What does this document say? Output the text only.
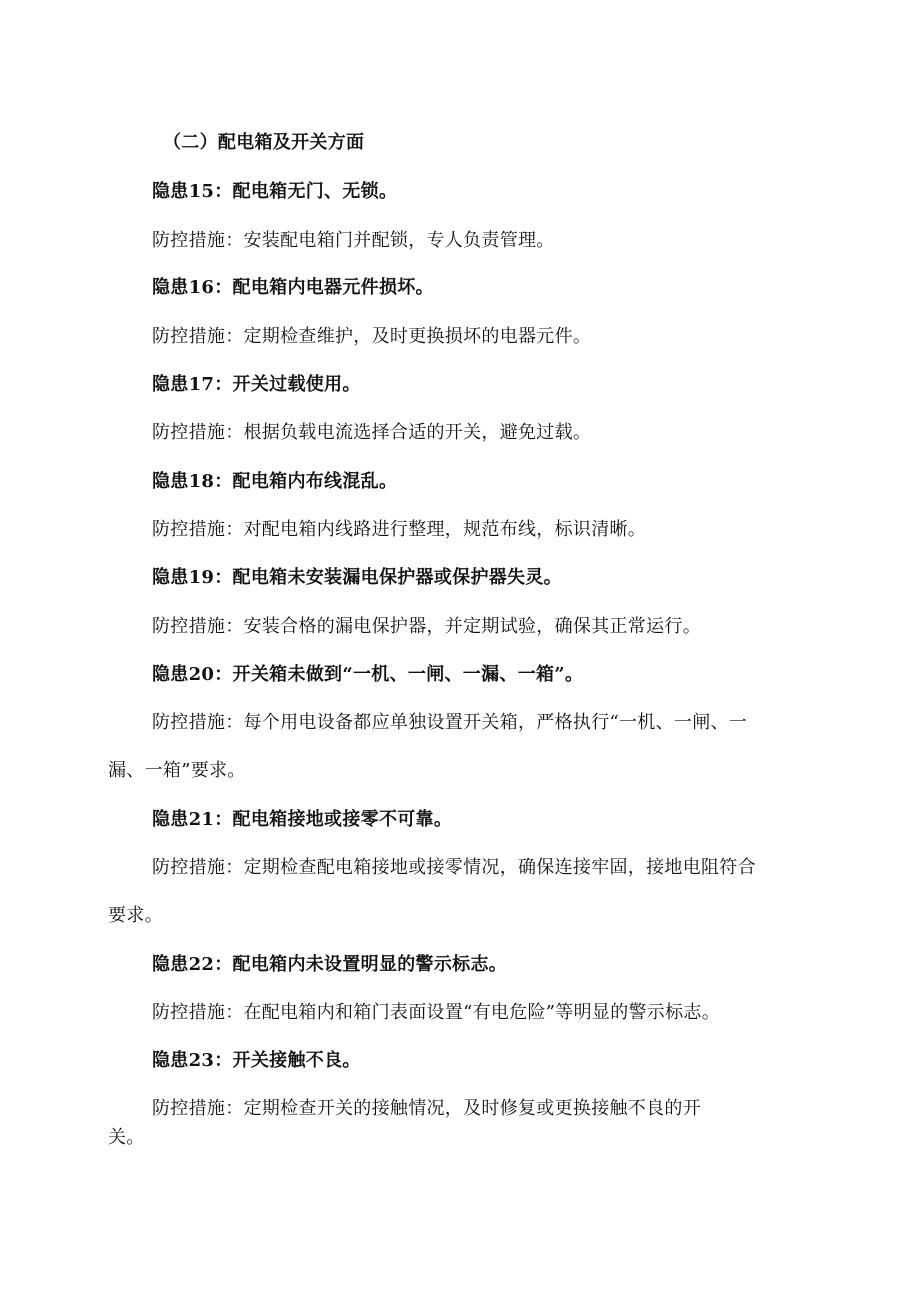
（二）配电箱及开关方面

隐患15：配电箱无门、无锁。

防控措施：安装配电箱门并配锁，专人负责管理。

隐患16：配电箱内电器元件损坏。

防控措施：定期检查维护，及时更换损坏的电器元件。

隐患17：开关过载使用。

防控措施：根据负载电流选择合适的开关，避免过载。

隐患18：配电箱内布线混乱。

防控措施：对配电箱内线路进行整理，规范布线，标识清晰。

隐患19：配电箱未安装漏电保护器或保护器失灵。

防控措施：安装合格的漏电保护器，并定期试验，确保其正常运行。

隐患20：开关箱未做到“一机、一闸、一漏、一箱”。

防控措施：每个用电设备都应单独设置开关箱，严格执行“一机、一闸、一

漏、一箱”要求。

隐患21：配电箱接地或接零不可靠。

防控措施：定期检查配电箱接地或接零情况，确保连接牢固，接地电阻符合

要求。

隐患22：配电箱内未设置明显的警示标志。

防控措施：在配电箱内和箱门表面设置“有电危险”等明显的警示标志。

隐患23：开关接触不良。

防控措施：定期检查开关的接触情况，及时修复或更换接触不良的开

关。
